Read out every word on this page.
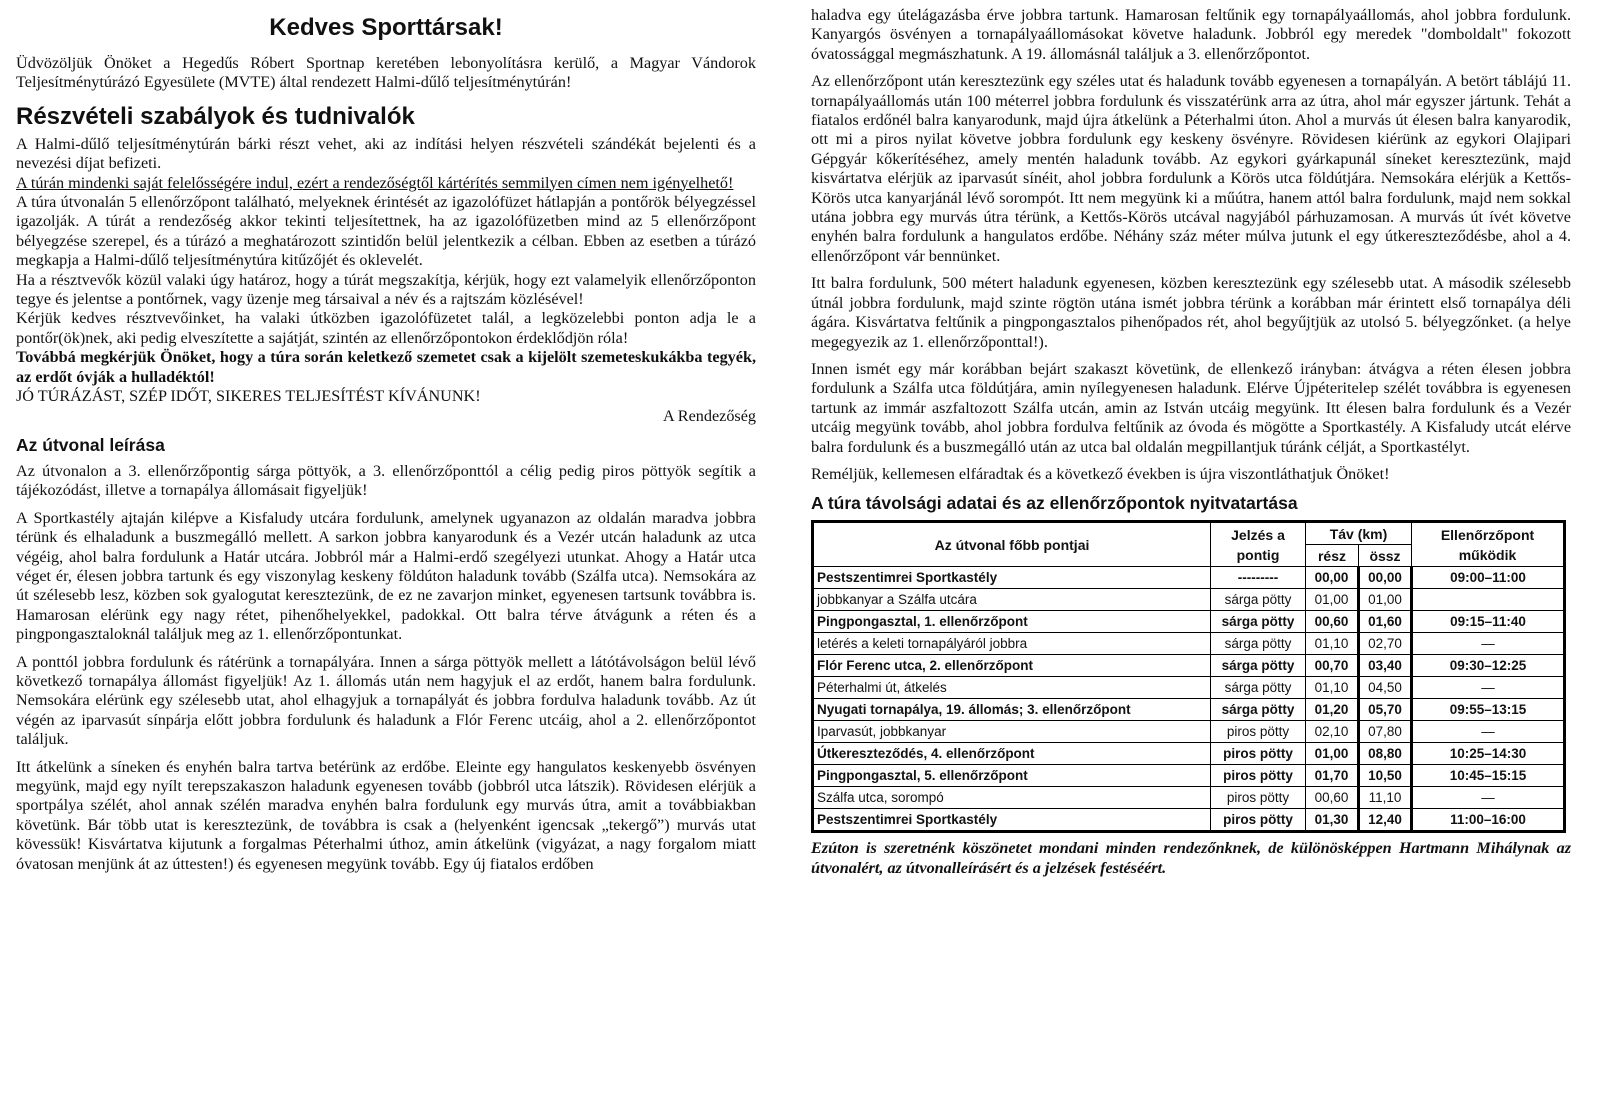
Kedves Sporttársak!

Üdvözöljük Önöket a Hegedűs Róbert Sportnap keretében lebonyolításra kerülő, a Magyar Vándorok Teljesítménytúrázó Egyesülete (MVTE) által rendezett Halmi-dűlő teljesítménytúrán!

Részvételi szabályok és tudnivalók

A Halmi-dűlő teljesítménytúrán bárki részt vehet, aki az indítási helyen részvételi szándékát bejelenti és a nevezési díjat befizeti.

A túrán mindenki saját felelősségére indul, ezért a rendezőségtől kártérítés semmilyen címen nem igényelhető!

A túra útvonalán 5 ellenőrzőpont található, melyeknek érintését az igazolófüzet hátlapján a pontőrök bélyegzéssel igazolják. A túrát a rendezőség akkor tekinti teljesítettnek, ha az igazolófüzetben mind az 5 ellenőrzőpont bélyegzése szerepel, és a túrázó a meghatározott szintidőn belül jelentkezik a célban. Ebben az esetben a túrázó megkapja a Halmi-dűlő teljesítménytúra kitűzőjét és oklevelét.

Ha a résztvevők közül valaki úgy határoz, hogy a túrát megszakítja, kérjük, hogy ezt valamelyik ellenőrzőponton tegye és jelentse a pontőrnek, vagy üzenje meg társaival a név és a rajtszám közlésével!

Kérjük kedves résztvevőinket, ha valaki útközben igazolófüzetet talál, a legközelebbi ponton adja le a pontőr(ök)nek, aki pedig elveszítette a sajátját, szintén az ellenőrzőpontokon érdeklődjön róla!

Továbbá megkérjük Önöket, hogy a túra során keletkező szemetet csak a kijelölt szemeteskukákba tegyék, az erdőt óvják a hulladéktól!

JÓ TÚRÁZÁST, SZÉP IDŐT, SIKERES TELJESÍTÉST KÍVÁNUNK!

A Rendezőség

Az útvonal leírása

Az útvonalon a 3. ellenőrzőpontig sárga pöttyök, a 3. ellenőrzőponttól a célig pedig piros pöttyök segítik a tájékozódást, illetve a tornapálya állomásait figyeljük!

A Sportkastély ajtaján kilépve a Kisfaludy utcára fordulunk, amelynek ugyanazon az oldalán maradva jobbra térünk és elhaladunk a buszmegálló mellett. A sarkon jobbra kanyarodunk és a Vezér utcán haladunk az utca végéig, ahol balra fordulunk a Határ utcára. Jobbról már a Halmi-erdő szegélyezi utunkat. Ahogy a Határ utca véget ér, élesen jobbra tartunk és egy viszonylag keskeny földúton haladunk tovább (Szálfa utca). Nemsokára az út szélesebb lesz, közben sok gyalogutat keresztezünk, de ez ne zavarjon minket, egyenesen tartsunk továbbra is. Hamarosan elérünk egy nagy rétet, pihenőhelyekkel, padokkal. Ott balra térve átvágunk a réten és a pingpongasztaloknál találjuk meg az 1. ellenőrzőpontunkat.

A ponttól jobbra fordulunk és rátérünk a tornapályára. Innen a sárga pöttyök mellett a látótávolságon belül lévő következő tornapálya állomást figyeljük! Az 1. állomás után nem hagyjuk el az erdőt, hanem balra fordulunk. Nemsokára elérünk egy szélesebb utat, ahol elhagyjuk a tornapályát és jobbra fordulva haladunk tovább. Az út végén az iparvasút sínpárja előtt jobbra fordulunk és haladunk a Flór Ferenc utcáig, ahol a 2. ellenőrzőpontot találjuk.

Itt átkelünk a síneken és enyhén balra tartva betérünk az erdőbe. Eleinte egy hangulatos keskenyebb ösvényen megyünk, majd egy nyílt terepszakaszon haladunk egyenesen tovább (jobbról utca látszik). Rövidesen elérjük a sportpálya szélét, ahol annak szélén maradva enyhén balra fordulunk egy murvás útra, amit a továbbiakban követünk. Bár több utat is keresztezünk, de továbbra is csak a (helyenként igencsak „tekergő”) murvás utat kövessük! Kisvártatva kijutunk a forgalmas Péterhalmi úthoz, amin átkelünk (vigyázat, a nagy forgalom miatt óvatosan menjünk át az úttesten!) és egyenesen megyünk tovább. Egy új fiatalos erdőben

haladva egy útelágazásba érve jobbra tartunk. Hamarosan feltűnik egy tornapályaállomás, ahol jobbra fordulunk. Kanyargós ösvényen a tornapályaállomásokat követve haladunk. Jobbról egy meredek "domboldalt" fokozott óvatossággal megmászhatunk. A 19. állomásnál találjuk a 3. ellenőrzőpontot.

Az ellenőrzőpont után keresztezünk egy széles utat és haladunk tovább egyenesen a tornapályán. A betört táblájú 11. tornapályaállomás után 100 méterrel jobbra fordulunk és visszatérünk arra az útra, ahol már egyszer jártunk. Tehát a fiatalos erdőnél balra kanyarodunk, majd újra átkelünk a Péterhalmi úton. Ahol a murvás út élesen balra kanyarodik, ott mi a piros nyilat követve jobbra fordulunk egy keskeny ösvényre. Rövidesen kiérünk az egykori Olajipari Gépgyár kőkerítéséhez, amely mentén haladunk tovább. Az egykori gyárkapunál síneket keresztezünk, majd kisvártatva elérjük az iparvasút sínéit, ahol jobbra fordulunk a Körös utca földútjára. Nemsokára elérjük a Kettős-Körös utca kanyarjánál lévő sorompót. Itt nem megyünk ki a műútra, hanem attól balra fordulunk, majd nem sokkal utána jobbra egy murvás útra térünk, a Kettős-Körös utcával nagyjából párhuzamosan. A murvás út ívét követve enyhén balra fordulunk a hangulatos erdőbe. Néhány száz méter múlva jutunk el egy útkereszteződésbe, ahol a 4. ellenőrzőpont vár bennünket.

Itt balra fordulunk, 500 métert haladunk egyenesen, közben keresztezünk egy szélesebb utat. A második szélesebb útnál jobbra fordulunk, majd szinte rögtön utána ismét jobbra térünk a korábban már érintett első tornapálya déli ágára. Kisvártatva feltűnik a pingpongasztalos pihenőpados rét, ahol begyűjtjük az utolsó 5. bélyegzőnket. (a helye megegyezik az 1. ellenőrzőponttal!).

Innen ismét egy már korábban bejárt szakaszt követünk, de ellenkező irányban: átvágva a réten élesen jobbra fordulunk a Szálfa utca földútjára, amin nyílegyenesen haladunk. Elérve Újpéteritelep szélét továbbra is egyenesen tartunk az immár aszfaltozott Szálfa utcán, amin az István utcáig megyünk. Itt élesen balra fordulunk és a Vezér utcáig megyünk tovább, ahol jobbra fordulva feltűnik az óvoda és mögötte a Sportkastély. A Kisfaludy utcát elérve balra fordulunk és a buszmegálló után az utca bal oldalán megpillantjuk túránk célját, a Sportkastélyt.

Reméljük, kellemesen elfáradtak és a következő években is újra viszontláthatjuk Önöket!

A túra távolsági adatai és az ellenőrzőpontok nyitvatartása
Az útvonal főbb pontjai	Jelzés a pontig	Táv (km)		Ellenőrzőpont működik
		rész	össz	
Pestszentimrei Sportkastély	---------	00,00	00,00	09:00–11:00
jobbkanyar a Szálfa utcára	sárga pötty	01,00	01,00	
Pingpongasztal, 1. ellenőrzőpont	sárga pötty	00,60	01,60	09:15–11:40
letérés a keleti tornapályáról jobbra	sárga pötty	01,10	02,70	—
Flór Ferenc utca, 2. ellenőrzőpont	sárga pötty	00,70	03,40	09:30–12:25
Péterhalmi út, átkelés	sárga pötty	01,10	04,50	—
Nyugati tornapálya, 19. állomás; 3. ellenőrzőpont	sárga pötty	01,20	05,70	09:55–13:15
Iparvasút, jobbkanyar	piros pötty	02,10	07,80	—
Útkereszteződés, 4. ellenőrzőpont	piros pötty	01,00	08,80	10:25–14:30
Pingpongasztal, 5. ellenőrzőpont	piros pötty	01,70	10,50	10:45–15:15
Szálfa utca, sorompó	piros pötty	00,60	11,10	—
Pestszentimrei Sportkastély	piros pötty	01,30	12,40	11:00–16:00

Ezúton is szeretnénk köszönetet mondani minden rendezőnknek, de különösképpen Hartmann Mihálynak az útvonalért, az útvonalleírásért és a jelzések festéséért.
